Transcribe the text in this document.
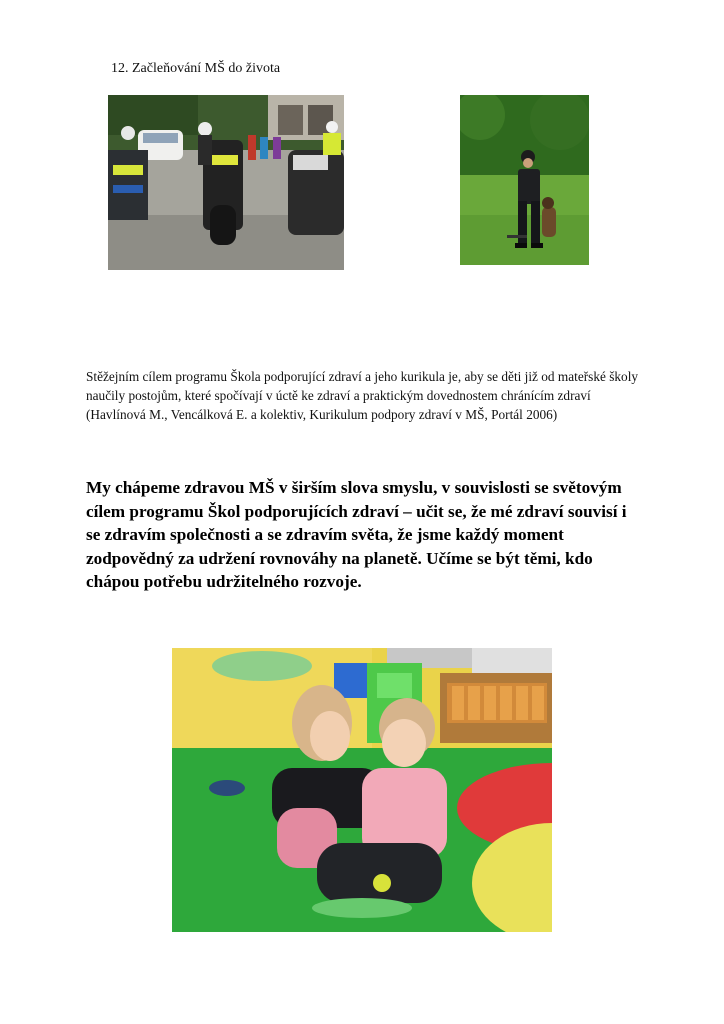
12. Začleňování MŠ do života
Stěžejním cílem programu Škola podporující zdraví a jeho kurikula je, aby se děti již od mateřské školy naučily postojům, které spočívají v úctě ke zdraví a praktickým dovednostem chránícím zdraví (Havlínová M., Vencálková E. a kolektiv, Kurikulum podpory zdraví v MŠ, Portál 2006)
My chápeme zdravou MŠ v širším slova smyslu, v souvislosti se světovým cílem programu Škol podporujících zdraví – učit se, že mé zdraví souvisí i se zdravím společnosti a se zdravím světa, že jsme každý moment zodpovědný za udržení rovnováhy na planetě. Učíme se být těmi, kdo chápou potřebu udržitelného rozvoje.
